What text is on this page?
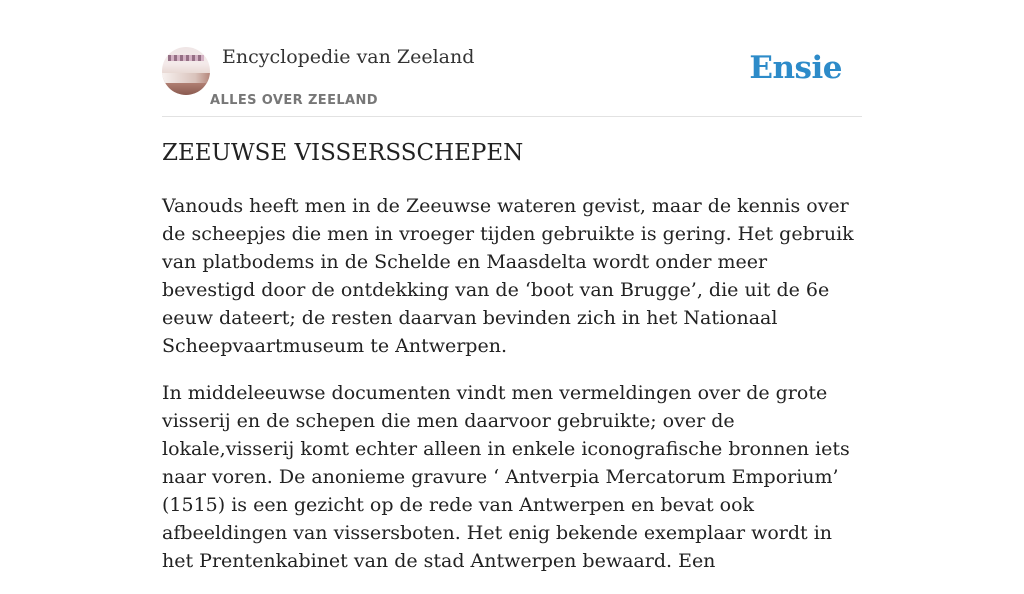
Encyclopedie van Zeeland
ALLES OVER ZEELAND
Ensie
ZEEUWSE VISSERSSCHEPEN

Vanouds heeft men in de Zeeuwse wateren gevist, maar de kennis over de scheepjes die men in vroeger tijden gebruikte is gering. Het gebruik van platbodems in de Schelde en Maasdelta wordt onder meer bevestigd door de ontdekking van de ‘boot van Brugge’, die uit de 6e eeuw dateert; de resten daarvan bevinden zich in het Nationaal Scheepvaartmuseum te Antwerpen.

In middeleeuwse documenten vindt men vermeldingen over de grote visserij en de schepen die men daarvoor gebruikte; over de lokale,visserij komt echter alleen in enkele iconografische bronnen iets naar voren. De anonieme gravure ‘ Antverpia Mercatorum Emporium’ (1515) is een gezicht op de rede van Antwerpen en bevat ook afbeeldingen van vissersboten. Het enig bekende exemplaar wordt in het Prentenkabinet van de stad Antwerpen bewaard. Een
